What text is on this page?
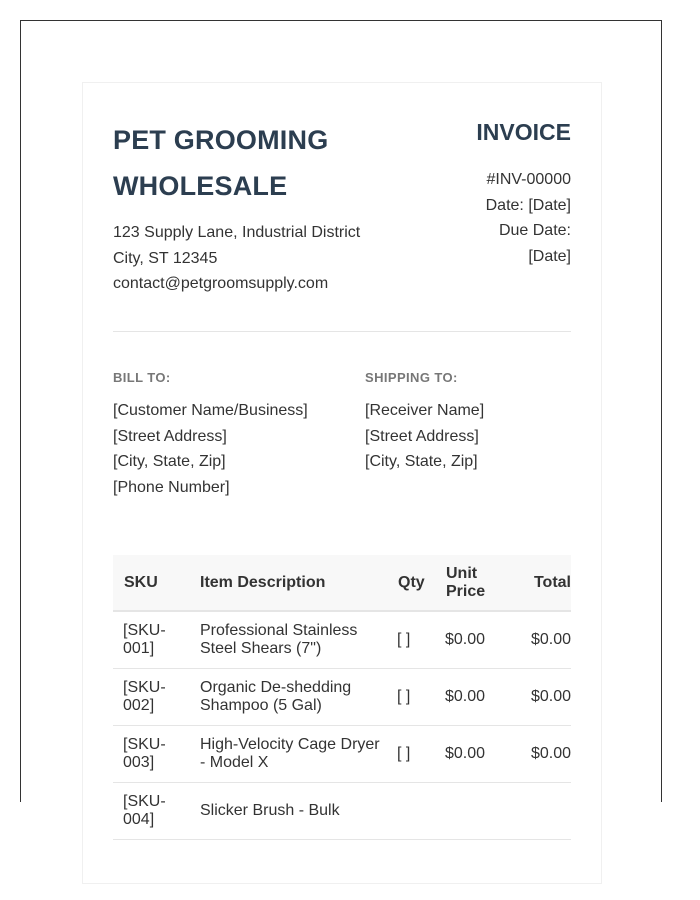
PET GROOMING WHOLESALE
123 Supply Lane, Industrial District
City, ST 12345
contact@petgroomsupply.com
INVOICE
#INV-00000
Date: [Date]
Due Date:
[Date]
BILL TO:
[Customer Name/Business]
[Street Address]
[City, State, Zip]
[Phone Number]
SHIPPING TO:
[Receiver Name]
[Street Address]
[City, State, Zip]
SKU	Item Description	Qty	Unit Price	Total
[SKU-001]	Professional Stainless Steel Shears (7")	[ ]	$0.00	$0.00
[SKU-002]	Organic De-shedding Shampoo (5 Gal)	[ ]	$0.00	$0.00
[SKU-003]	High-Velocity Cage Dryer - Model X	[ ]	$0.00	$0.00
[SKU-004]	Slicker Brush - Bulk			
